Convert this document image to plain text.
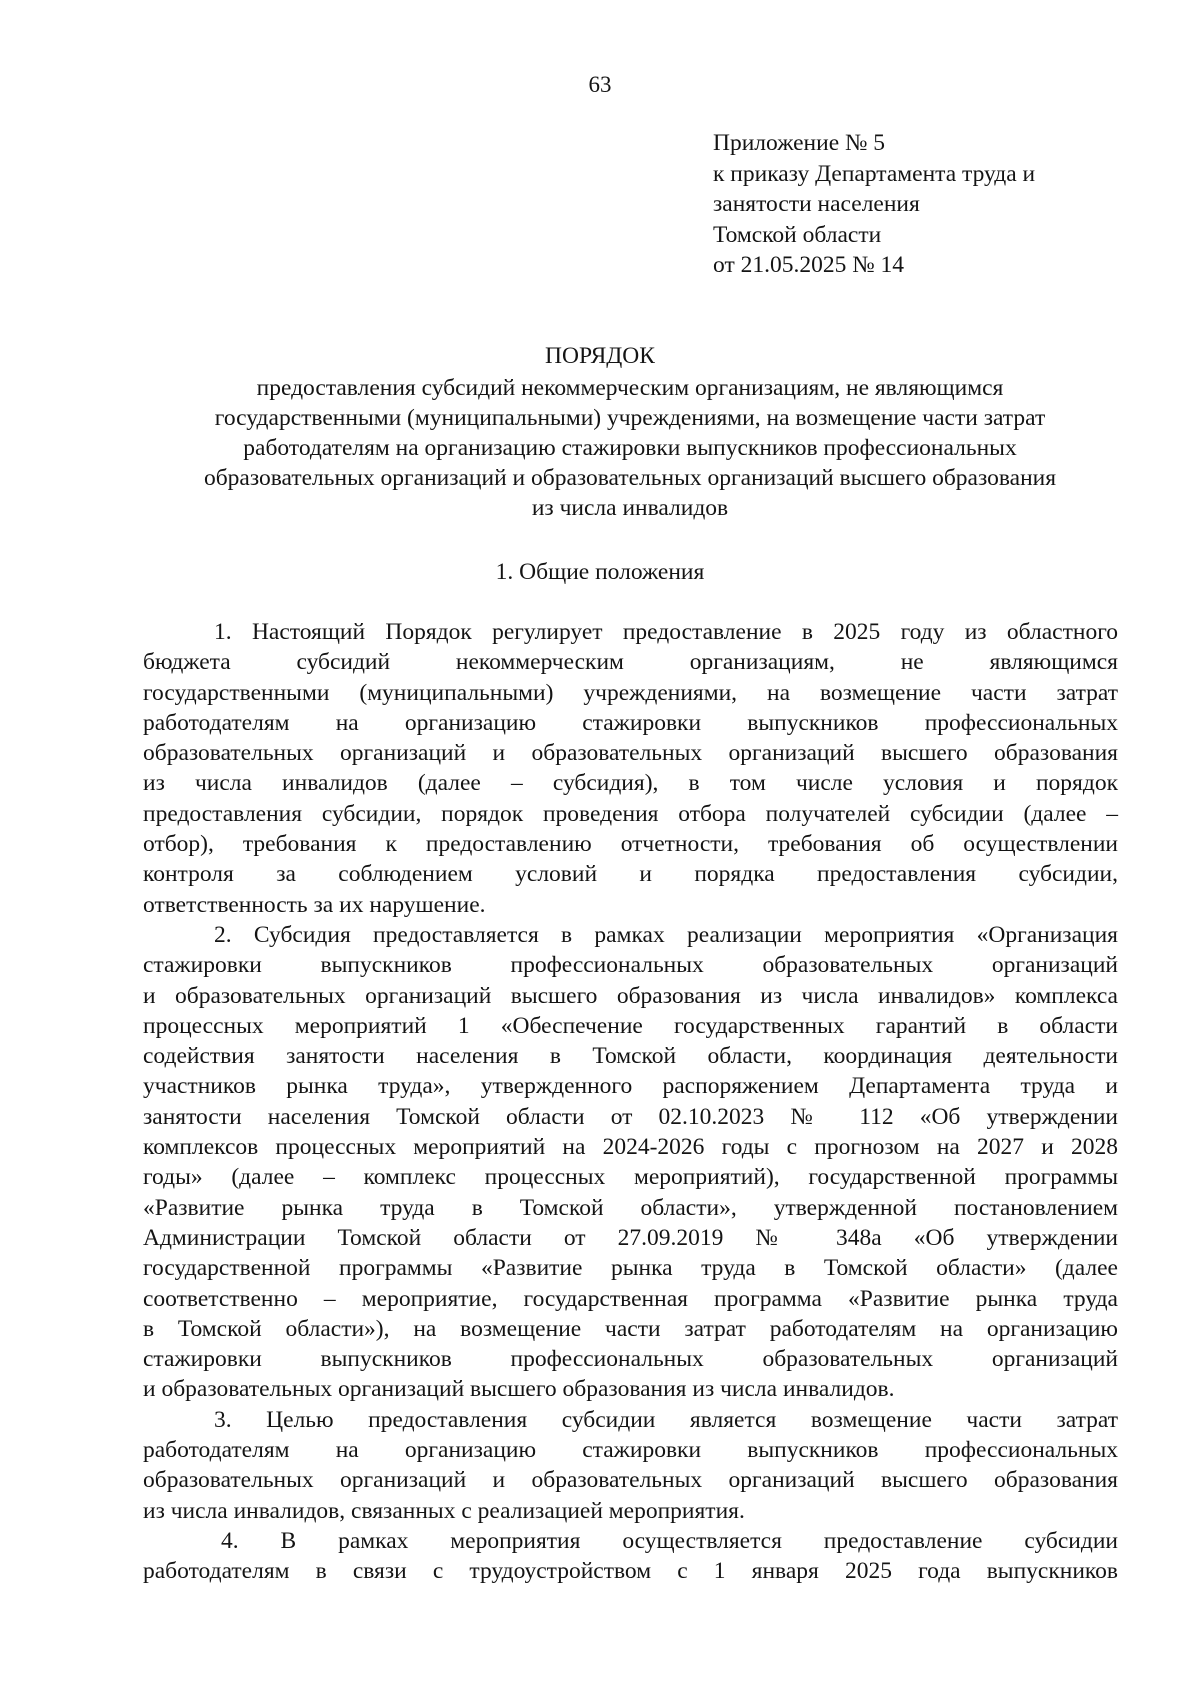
63
Приложение № 5
к приказу Департамента труда и
занятости населения
Томской области
от 21.05.2025 № 14
ПОРЯДОК
предоставления субсидий некоммерческим организациям, не являющимся
государственными (муниципальными) учреждениями, на возмещение части затрат
работодателям на организацию стажировки выпускников профессиональных
образовательных организаций и образовательных организаций высшего образования
из числа инвалидов
1. Общие положения
1. Настоящий Порядок регулирует предоставление в 2025 году из областного
бюджета субсидий некоммерческим организациям, не являющимся
государственными (муниципальными) учреждениями, на возмещение части затрат
работодателям на организацию стажировки выпускников профессиональных
образовательных организаций и образовательных организаций высшего образования
из числа инвалидов (далее – субсидия), в том числе условия и порядок
предоставления субсидии, порядок проведения отбора получателей субсидии (далее –
отбор), требования к предоставлению отчетности, требования об осуществлении
контроля за соблюдением условий и порядка предоставления субсидии,
ответственность за их нарушение.
2. Субсидия предоставляется в рамках реализации мероприятия «Организация
стажировки выпускников профессиональных образовательных организаций
и образовательных организаций высшего образования из числа инвалидов» комплекса
процессных мероприятий 1 «Обеспечение государственных гарантий в области
содействия занятости населения в Томской области, координация деятельности
участников рынка труда», утвержденного распоряжением Департамента труда и
занятости населения Томской области от 02.10.2023 № 112 «Об утверждении
комплексов процессных мероприятий на 2024-2026 годы с прогнозом на 2027 и 2028
годы» (далее – комплекс процессных мероприятий), государственной программы
«Развитие рынка труда в Томской области», утвержденной постановлением
Администрации Томской области от 27.09.2019 № 348а «Об утверждении
государственной программы «Развитие рынка труда в Томской области» (далее
соответственно – мероприятие, государственная программа «Развитие рынка труда
в Томской области»), на возмещение части затрат работодателям на организацию
стажировки выпускников профессиональных образовательных организаций
и образовательных организаций высшего образования из числа инвалидов.
3. Целью предоставления субсидии является возмещение части затрат
работодателям на организацию стажировки выпускников профессиональных
образовательных организаций и образовательных организаций высшего образования
из числа инвалидов, связанных с реализацией мероприятия.
4. В рамках мероприятия осуществляется предоставление субсидии
работодателям в связи с трудоустройством с 1 января 2025 года выпускников
